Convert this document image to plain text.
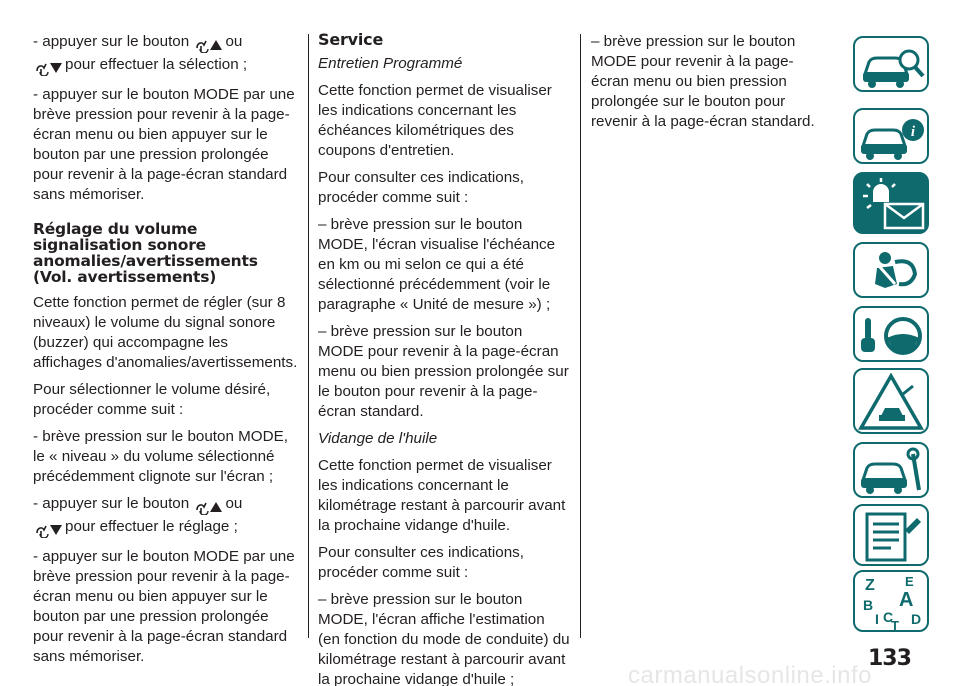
- appuyer sur le bouton ou
pour effectuer la sélection ;

- appuyer sur le bouton MODE par une brève pression pour revenir à la page-écran menu ou bien appuyer sur le bouton par une pression prolongée pour revenir à la page-écran standard sans mémoriser.

Réglage du volume signalisation sonore anomalies/avertissements (Vol. avertissements)

Cette fonction permet de régler (sur 8 niveaux) le volume du signal sonore (buzzer) qui accompagne les affichages d'anomalies/avertissements.

Pour sélectionner le volume désiré, procéder comme suit :

- brève pression sur le bouton MODE, le « niveau » du volume sélectionné précédemment clignote sur l'écran ;

- appuyer sur le bouton ou
pour effectuer le réglage ;

- appuyer sur le bouton MODE par une brève pression pour revenir à la page-écran menu ou bien appuyer sur le bouton par une pression prolongée pour revenir à la page-écran standard sans mémoriser.

Service

Entretien Programmé

Cette fonction permet de visualiser les indications concernant les échéances kilométriques des coupons d'entretien.

Pour consulter ces indications, procéder comme suit :

– brève pression sur le bouton MODE, l'écran visualise l'échéance en km ou mi selon ce qui a été sélectionné précédemment (voir le paragraphe « Unité de mesure ») ;

– brève pression sur le bouton MODE pour revenir à la page-écran menu ou bien pression prolongée sur le bouton pour revenir à la page-écran standard.

Vidange de l'huile

Cette fonction permet de visualiser les indications concernant le kilométrage restant à parcourir avant la prochaine vidange d'huile.

Pour consulter ces indications, procéder comme suit :

– brève pression sur le bouton MODE, l'écran affiche l'estimation (en fonction du mode de conduite) du kilométrage restant à parcourir avant la prochaine vidange d'huile ;

– brève pression sur le bouton MODE pour revenir à la page-écran menu ou bien pression prolongée sur le bouton pour revenir à la page-écran standard.

i
Z E
B A
I C D
T
133
carmanualsonline.info
